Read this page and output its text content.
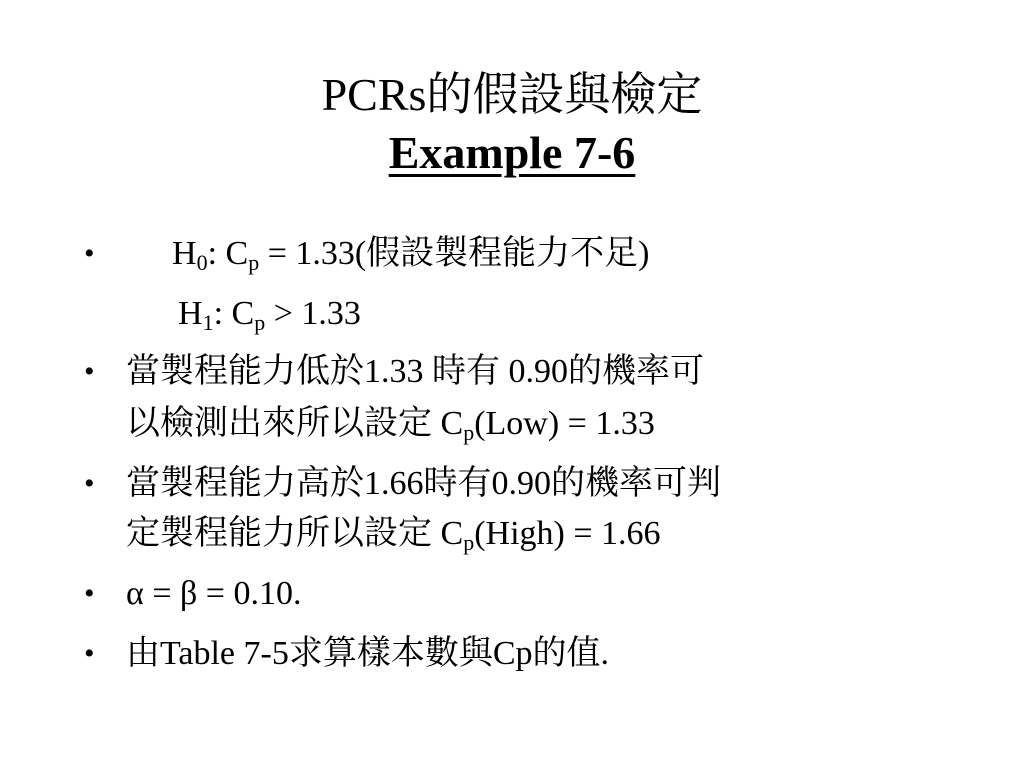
PCRs的假設與檢定
Example 7-6
• $H_0$: $C_p = 1.33$(假設製程能力不足)
$H_1$: $C_p > 1.33$
• 當製程能力低於1.33 時有 0.90的機率可
以檢測出來所以設定 $C_p(Low) = 1.33$
• 當製程能力高於1.66時有0.90的機率可判
定製程能力所以設定 $C_p(High) = 1.66$
• α = β = 0.10.
• 由Table 7-5求算樣本數與Cp的值.
